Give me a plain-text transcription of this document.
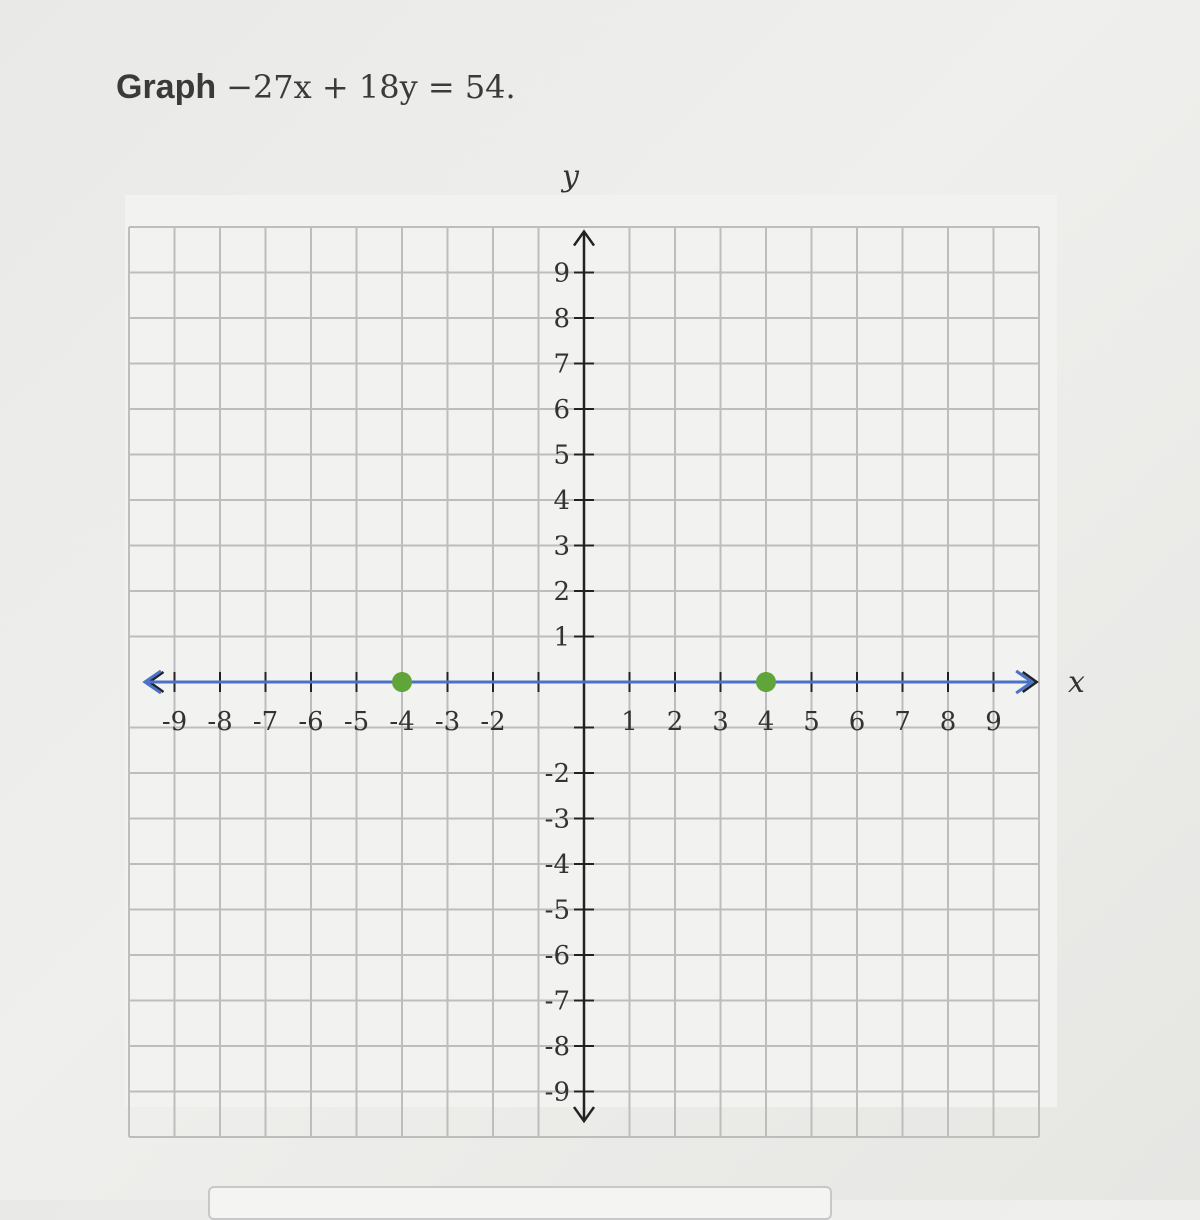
Graph −27x + 18y = 54.
-9 -8 -7 -6 -5 -4 -3 -2	1 2 3 4 5 6 7 8 9
9
8
7
6
5
4
3
2
1
-2
-3
-4
-5
-6
-7
-8
-9
x
y
